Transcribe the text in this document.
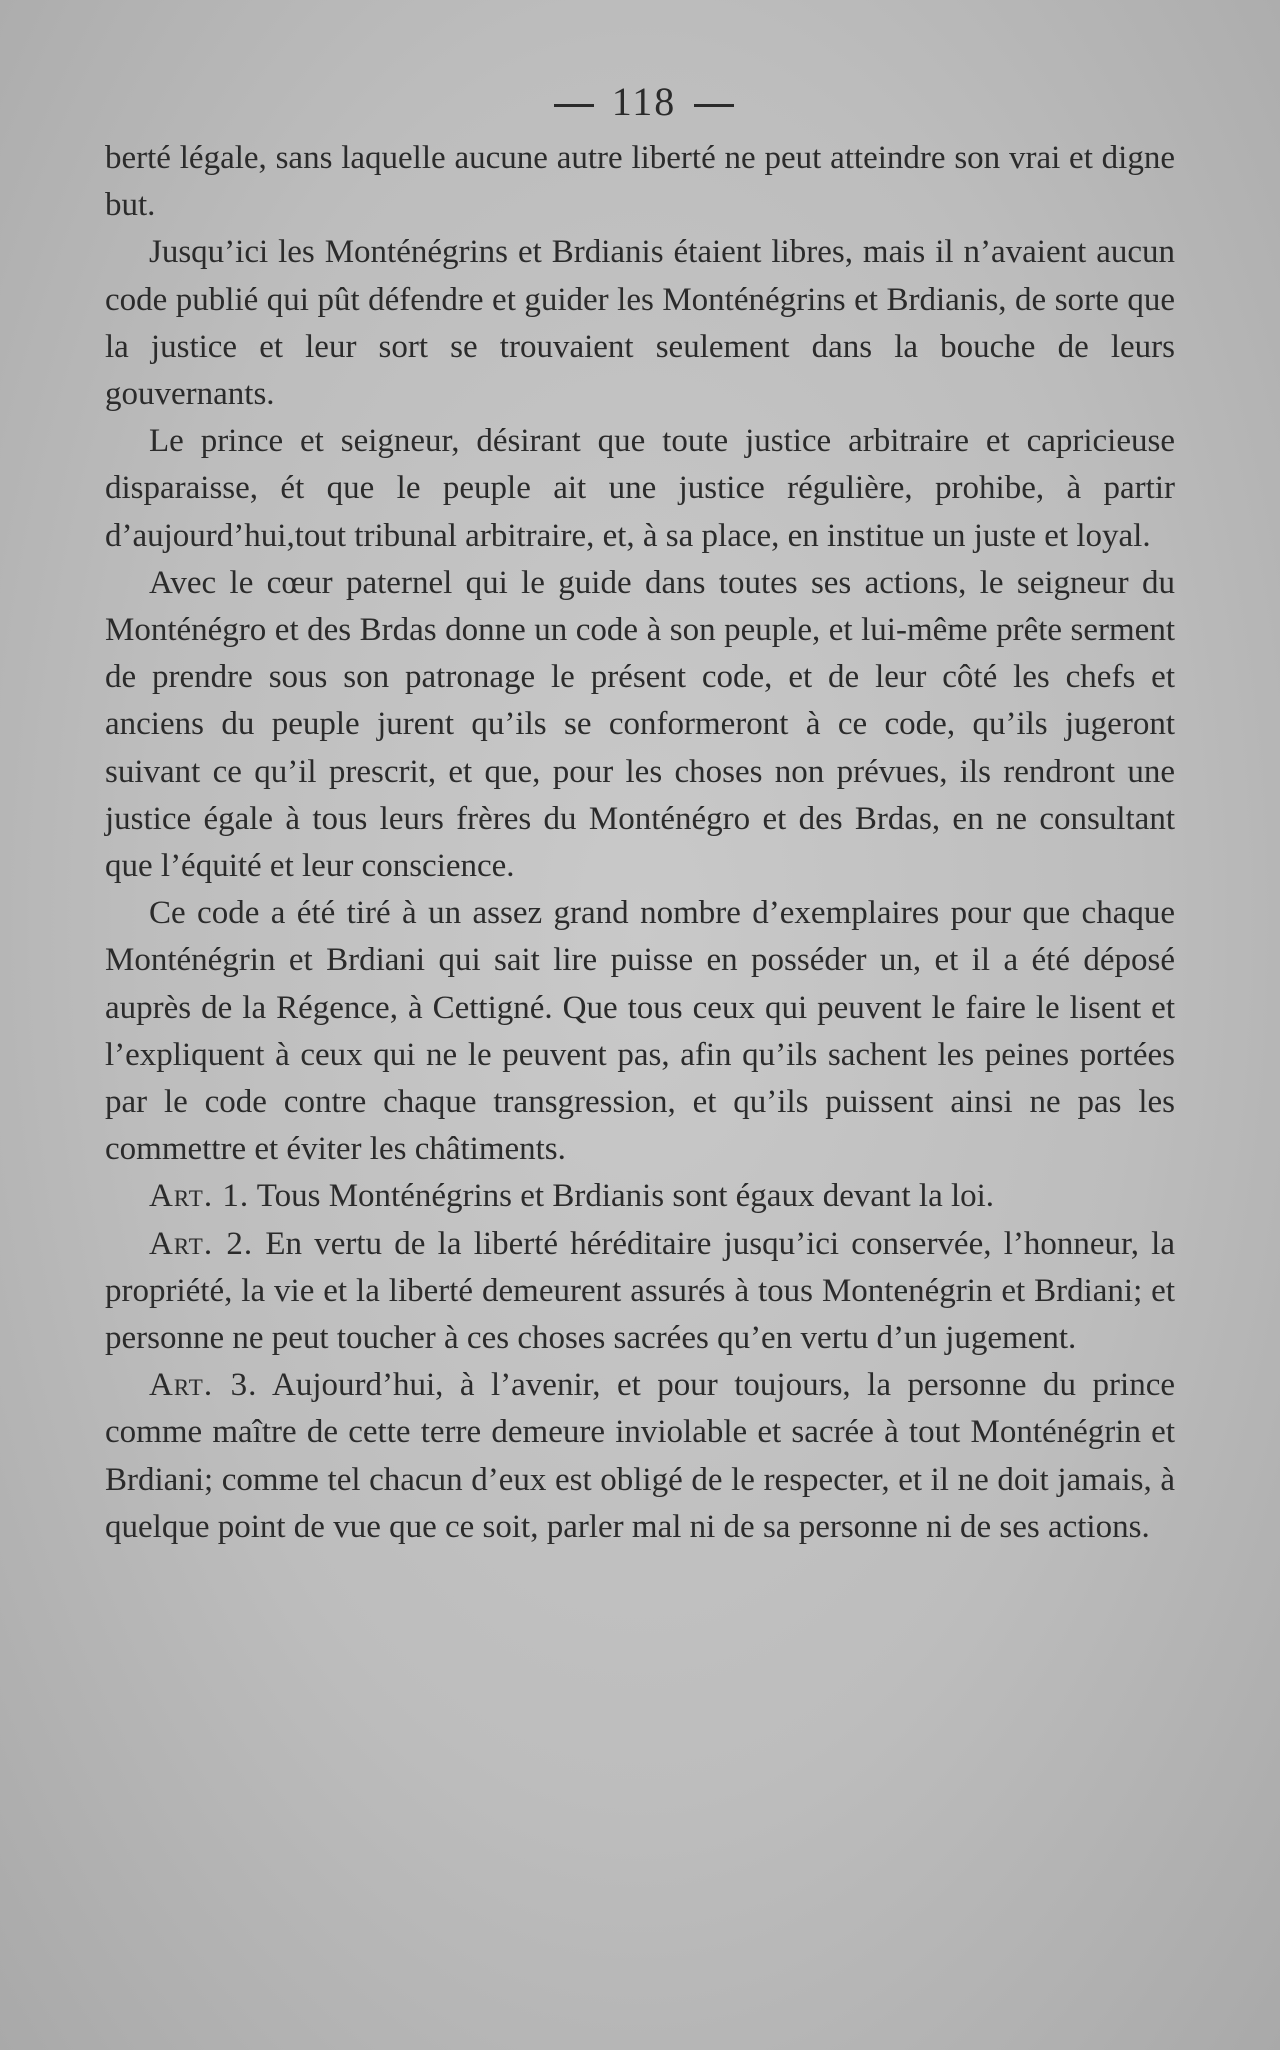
118

berté légale, sans laquelle aucune autre liberté ne peut atteindre son vrai et digne but.

Jusqu’ici les Monténégrins et Brdianis étaient libres, mais il n’avaient aucun code publié qui pût défendre et guider les Monténégrins et Brdianis, de sorte que la justice et leur sort se trouvaient seulement dans la bouche de leurs gouvernants.

Le prince et seigneur, désirant que toute justice arbitraire et capricieuse disparaisse, ét que le peuple ait une justice régulière, prohibe, à partir d’aujourd’hui,tout tribunal arbitraire, et, à sa place, en institue un juste et loyal.

Avec le cœur paternel qui le guide dans toutes ses actions, le seigneur du Monténégro et des Brdas donne un code à son peuple, et lui-même prête serment de prendre sous son patronage le présent code, et de leur côté les chefs et anciens du peuple jurent qu’ils se conformeront à ce code, qu’ils jugeront suivant ce qu’il prescrit, et que, pour les choses non prévues, ils rendront une justice égale à tous leurs frères du Monténégro et des Brdas, en ne consultant que l’équité et leur conscience.

Ce code a été tiré à un assez grand nombre d’exemplaires pour que chaque Monténégrin et Brdiani qui sait lire puisse en posséder un, et il a été déposé auprès de la Régence, à Cettigné. Que tous ceux qui peuvent le faire le lisent et l’expliquent à ceux qui ne le peuvent pas, afin qu’ils sachent les peines portées par le code contre chaque transgression, et qu’ils puissent ainsi ne pas les commettre et éviter les châtiments.

Art. 1. Tous Monténégrins et Brdianis sont égaux devant la loi.

Art. 2. En vertu de la liberté héréditaire jusqu’ici conservée, l’honneur, la propriété, la vie et la liberté demeurent assurés à tous Montenégrin et Brdiani; et personne ne peut toucher à ces choses sacrées qu’en vertu d’un jugement.

Art. 3. Aujourd’hui, à l’avenir, et pour toujours, la personne du prince comme maître de cette terre demeure inviolable et sacrée à tout Monténégrin et Brdiani; comme tel chacun d’eux est obligé de le respecter, et il ne doit jamais, à quelque point de vue que ce soit, parler mal ni de sa personne ni de ses actions.
